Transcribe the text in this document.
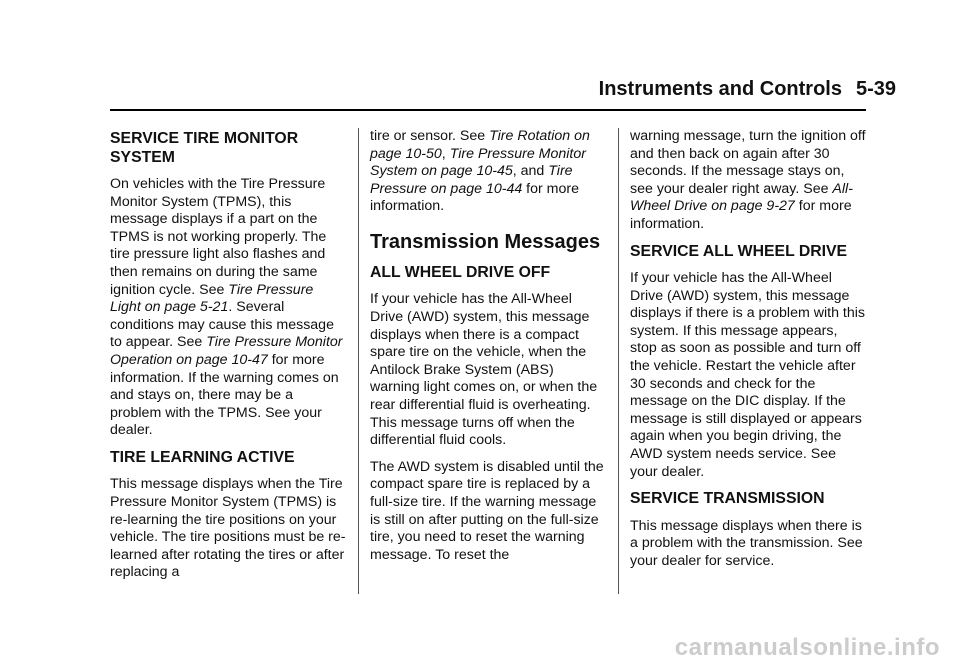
Instruments and Controls 5-39
SERVICE TIRE MONITOR SYSTEM

On vehicles with the Tire Pressure Monitor System (TPMS), this message displays if a part on the TPMS is not working properly. The tire pressure light also flashes and then remains on during the same ignition cycle. See Tire Pressure Light on page 5-21. Several conditions may cause this message to appear. See Tire Pressure Monitor Operation on page 10-47 for more information. If the warning comes on and stays on, there may be a problem with the TPMS. See your dealer.

TIRE LEARNING ACTIVE

This message displays when the Tire Pressure Monitor System (TPMS) is re-learning the tire positions on your vehicle. The tire positions must be re-learned after rotating the tires or after replacing a

tire or sensor. See Tire Rotation on page 10-50, Tire Pressure Monitor System on page 10-45, and Tire Pressure on page 10-44 for more information.

Transmission Messages
ALL WHEEL DRIVE OFF

If your vehicle has the All-Wheel Drive (AWD) system, this message displays when there is a compact spare tire on the vehicle, when the Antilock Brake System (ABS) warning light comes on, or when the rear differential fluid is overheating. This message turns off when the differential fluid cools.

The AWD system is disabled until the compact spare tire is replaced by a full-size tire. If the warning message is still on after putting on the full-size tire, you need to reset the warning message. To reset the

warning message, turn the ignition off and then back on again after 30 seconds. If the message stays on, see your dealer right away. See All-Wheel Drive on page 9-27 for more information.

SERVICE ALL WHEEL DRIVE

If your vehicle has the All-Wheel Drive (AWD) system, this message displays if there is a problem with this system. If this message appears, stop as soon as possible and turn off the vehicle. Restart the vehicle after 30 seconds and check for the message on the DIC display. If the message is still displayed or appears again when you begin driving, the AWD system needs service. See your dealer.

SERVICE TRANSMISSION

This message displays when there is a problem with the transmission. See your dealer for service.

carmanualsonline.info
